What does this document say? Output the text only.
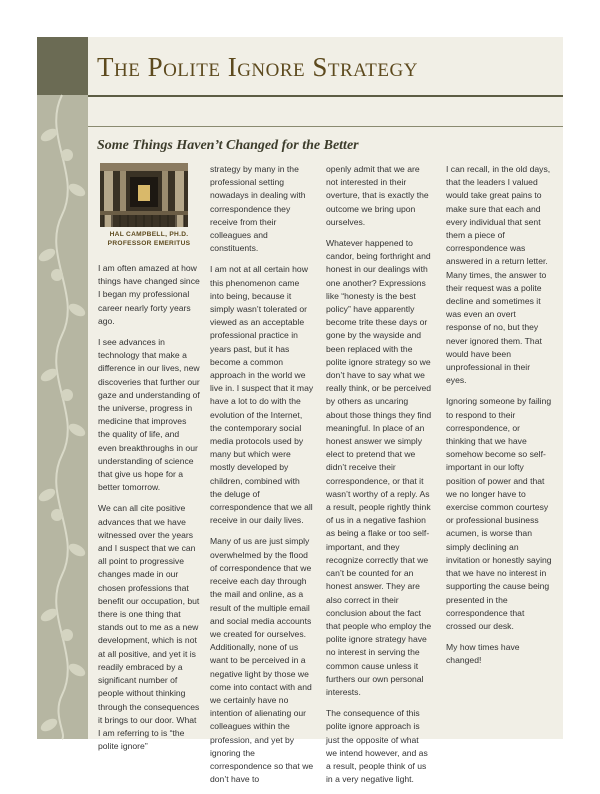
The Polite Ignore Strategy
Some Things Haven’t Changed for the Better
HAL CAMPBELL, PH.D.
PROFESSOR EMERITUS

I am often amazed at how things have changed since I began my professional career nearly forty years ago.

I see advances in technology that make a difference in our lives, new discoveries that further our gaze and understanding of the universe, progress in medicine that improves the quality of life, and even breakthroughs in our understanding of science that give us hope for a better tomorrow.

We can all cite positive advances that we have witnessed over the years and I suspect that we can all point to progressive changes made in our chosen professions that benefit our occupation, but there is one thing that stands out to me as a new development, which is not at all positive, and yet it is readily embraced by a significant number of people without thinking through the consequences it brings to our door. What I am referring to is “the polite ignore”

strategy by many in the professional setting nowadays in dealing with correspondence they receive from their colleagues and constituents.

I am not at all certain how this phenomenon came into being, because it simply wasn’t tolerated or viewed as an acceptable professional practice in years past, but it has become a common approach in the world we live in. I suspect that it may have a lot to do with the evolution of the Internet, the contemporary social media protocols used by many but which were mostly developed by children, combined with the deluge of correspondence that we all receive in our daily lives.

Many of us are just simply overwhelmed by the flood of correspondence that we receive each day through the mail and online, as a result of the multiple email and social media accounts we created for ourselves. Additionally, none of us want to be perceived in a negative light by those we come into contact with and we certainly have no intention of alienating our colleagues within the profession, and yet by ignoring the correspondence so that we don’t have to

openly admit that we are not interested in their overture, that is exactly the outcome we bring upon ourselves.

Whatever happened to candor, being forthright and honest in our dealings with one another? Expressions like “honesty is the best policy” have apparently become trite these days or gone by the wayside and been replaced with the polite ignore strategy so we don’t have to say what we really think, or be perceived by others as uncaring about those things they find meaningful. In place of an honest answer we simply elect to pretend that we didn’t receive their correspondence, or that it wasn’t worthy of a reply. As a result, people rightly think of us in a negative fashion as being a flake or too self-important, and they recognize correctly that we can’t be counted for an honest answer. They are also correct in their conclusion about the fact that people who employ the polite ignore strategy have no interest in serving the common cause unless it furthers our own personal interests.

The consequence of this polite ignore approach is just the opposite of what we intend however, and as a result, people think of us in a very negative light.

I can recall, in the old days, that the leaders I valued would take great pains to make sure that each and every individual that sent them a piece of correspondence was answered in a return letter. Many times, the answer to their request was a polite decline and sometimes it was even an overt response of no, but they never ignored them. That would have been unprofessional in their eyes.

Ignoring someone by failing to respond to their correspondence, or thinking that we have somehow become so self-important in our lofty position of power and that we no longer have to exercise common courtesy or professional business acumen, is worse than simply declining an invitation or honestly saying that we have no interest in supporting the cause being presented in the correspondence that crossed our desk.

My how times have changed!
